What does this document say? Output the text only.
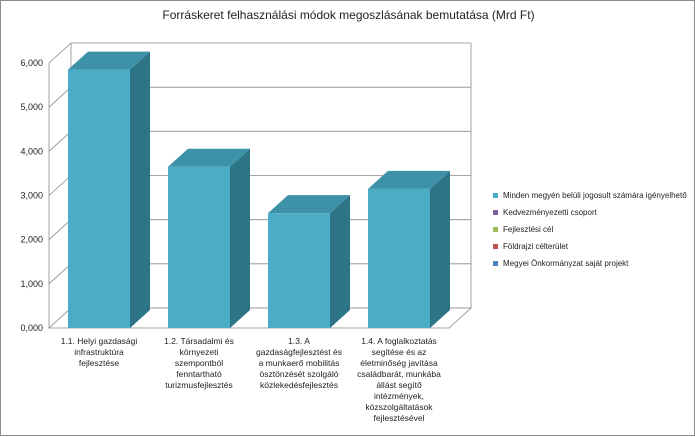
Forráskeret felhasználási módok megoszlásának bemutatása (Mrd Ft)
0,000
1,000
2,000
3,000
4,000
5,000
6,000
1.1. Helyi gazdasági infrastruktúra fejlesztése
1.2. Társadalmi és környezeti szempontból fenntartható turizmusfejlesztés
1.3. A gazdaságfejlesztést és a munkaerő mobilitás ösztönzését szolgáló közlekedésfejlesztés
1.4. A foglalkoztatás segítése és az életminőség javítása családbarát, munkába állást segítő intézmények, közszolgáltatások fejlesztésével
Minden megyén belüli jogosult számára igényelhető
Kedvezményezetti csoport
Fejlesztési cél
Földrajzi célterület
Megyei Önkormányzat saját projekt
